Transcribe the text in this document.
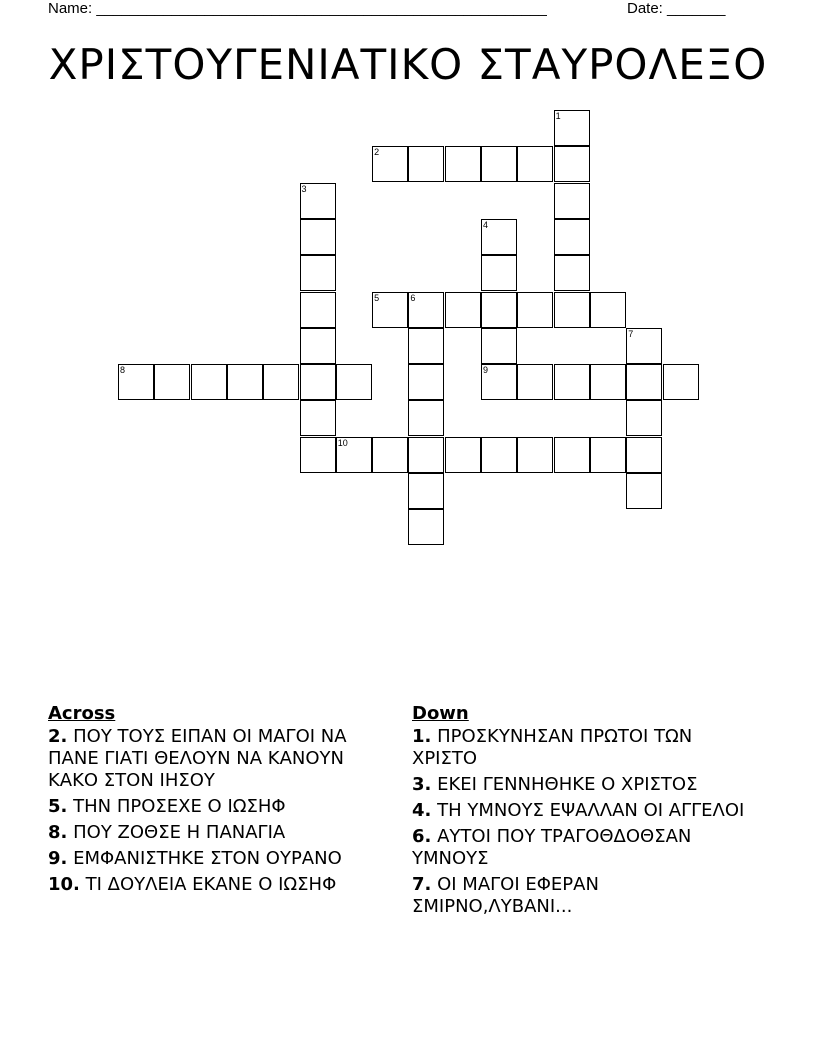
Name: ______________________________________________________	Date: _______
ΧΡΙΣΤΟΥΓΕΝΙΑΤΙΚΟ ΣΤΑΥΡΟΛΕΞΟ
1
2
3
4
9
5	6
7
8
10
Across
2. ΠΟΥ ΤΟΥΣ ΕΙΠΑΝ ΟΙ ΜΑΓΟΙ ΝΑ ΠΑΝΕ ΓΙΑΤΙ ΘΕΛΟΥΝ ΝΑ ΚΑΝΟΥΝ ΚΑΚΟ ΣΤΟΝ ΙΗΣΟΥ
5. ΤΗΝ ΠΡΟΣΕΧΕ Ο ΙΩΣΗΦ
8. ΠΟΥ ΖΟΘΣΕ Η ΠΑΝΑΓΙΑ
9. ΕΜΦΑΝΙΣΤΗΚΕ ΣΤΟΝ ΟΥΡΑΝΟ
10. ΤΙ ΔΟΥΛΕΙΑ ΕΚΑΝΕ Ο ΙΩΣΗΦ
Down
1. ΠΡΟΣΚΥΝΗΣΑΝ ΠΡΩΤΟΙ ΤΩΝ ΧΡΙΣΤΟ
3. ΕΚΕΙ ΓΕΝΝΗΘΗΚΕ Ο ΧΡΙΣΤΟΣ
4. ΤΗ ΥΜΝΟΥΣ ΕΨΑΛΛΑΝ ΟΙ ΑΓΓΕΛΟΙ
6. ΑΥΤΟΙ ΠΟΥ ΤΡΑΓΟΘΔΟΘΣΑΝ ΥΜΝΟΥΣ
7. ΟΙ ΜΑΓΟΙ ΕΦΕΡΑΝ ΣΜΙΡΝΟ,ΛΥΒΑΝΙ...
